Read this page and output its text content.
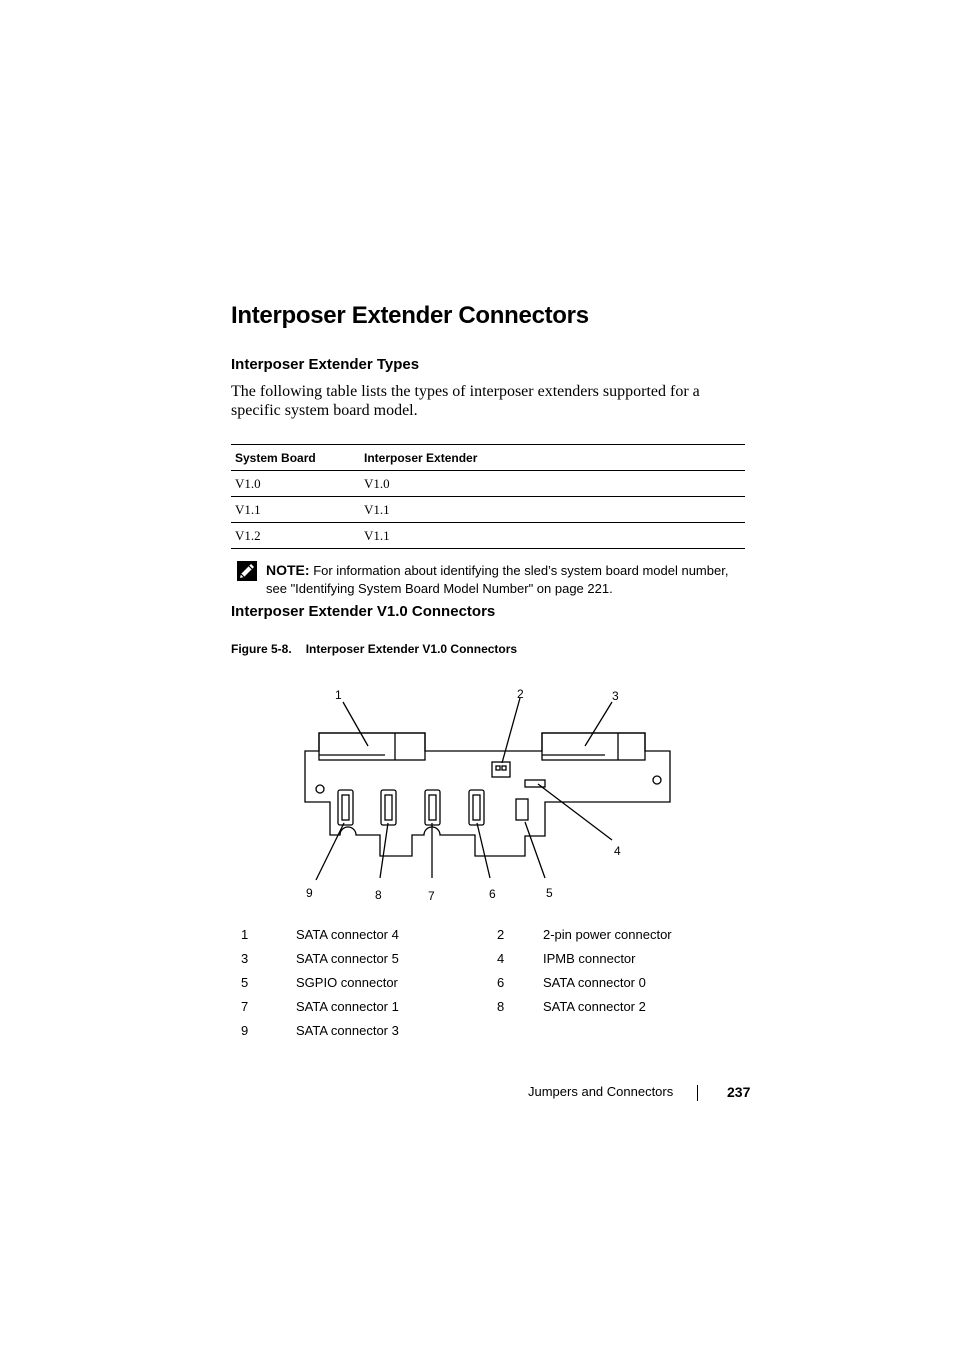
Interposer Extender Connectors
Interposer Extender Types
The following table lists the types of interposer extenders supported for a
specific system board model.
System Board	Interposer Extender
V1.0	V1.0
V1.1	V1.1
V1.2	V1.1
NOTE: For information about identifying the sled’s system board model number,
see "Identifying System Board Model Number" on page 221.
Interposer Extender V1.0 Connectors
Figure 5-8. Interposer Extender V1.0 Connectors
1	2	3
4
5
6
7
8
9
1	SATA connector 4	2	2-pin power connector
3	SATA connector 5	4	IPMB connector
5	SGPIO connector	6	SATA connector 0
7	SATA connector 1	8	SATA connector 2
9	SATA connector 3		
Jumpers and Connectors	237
